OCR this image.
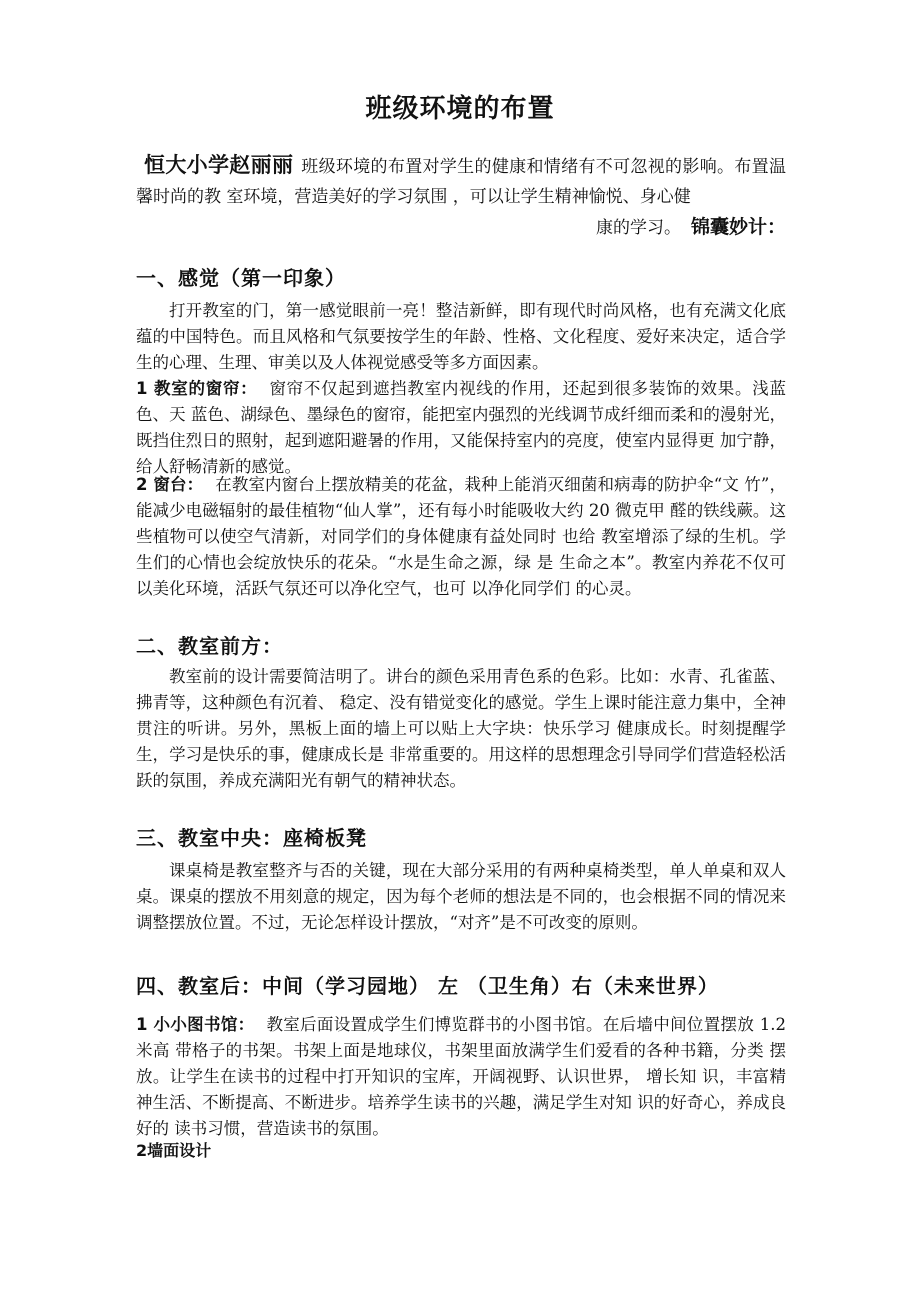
班级环境的布置
恒大小学赵丽丽 班级环境的布置对学生的健康和情绪有不可忽视的影响。布置温馨时尚的教 室环境，营造美好的学习氛围 ，可以让学生精神愉悦、身心健
康的学习。 锦囊妙计：
一、感觉（第一印象）
打开教室的门，第一感觉眼前一亮！整洁新鲜，即有现代时尚风格，也有充满文化底蕴的中国特色。而且风格和气氛要按学生的年龄、性格、文化程度、爱好来决定，适合学生的心理、生理、审美以及人体视觉感受等多方面因素。
1 教室的窗帘： 窗帘不仅起到遮挡教室内视线的作用，还起到很多装饰的效果。浅蓝色、天 蓝色、湖绿色、墨绿色的窗帘，能把室内强烈的光线调节成纤细而柔和的漫射光， 既挡住烈日的照射，起到遮阳避暑的作用，又能保持室内的亮度，使室内显得更 加宁静，给人舒畅清新的感觉。
2 窗台： 在教室内窗台上摆放精美的花盆，栽种上能消灭细菌和病毒的防护伞“文 竹”，能减少电磁辐射的最佳植物“仙人掌”，还有每小时能吸收大约 20 微克甲 醛的铁线蕨。这些植物可以使空气清新，对同学们的身体健康有益处同时 也给 教室增添了绿的生机。学生们的心情也会绽放快乐的花朵。“水是生命之源，绿 是 生命之本”。教室内养花不仅可以美化环境，活跃气氛还可以净化空气，也可 以净化同学们 的心灵。
二、教室前方：
教室前的设计需要简洁明了。讲台的颜色采用青色系的色彩。比如：水青、孔雀蓝、拂青等，这种颜色有沉着、 稳定、没有错觉变化的感觉。学生上课时能注意力集中，全神贯注的听讲。另外，黑板上面的墙上可以贴上大字块：快乐学习 健康成长。时刻提醒学生，学习是快乐的事，健康成长是 非常重要的。用这样的思想理念引导同学们营造轻松活跃的氛围，养成充满阳光有朝气的精神状态。
三、教室中央：座椅板凳
课桌椅是教室整齐与否的关键，现在大部分采用的有两种桌椅类型，单人单桌和双人桌。课桌的摆放不用刻意的规定，因为每个老师的想法是不同的，也会根据不同的情况来调整摆放位置。不过，无论怎样设计摆放，“对齐”是不可改变的原则。
四、教室后：中间（学习园地） 左 （卫生角）右（未来世界）
1 小小图书馆： 教室后面设置成学生们博览群书的小图书馆。在后墙中间位置摆放 1.2 米高 带格子的书架。书架上面是地球仪，书架里面放满学生们爱看的各种书籍，分类 摆放。让学生在读书的过程中打开知识的宝库，开阔视野、认识世界， 增长知 识，丰富精神生活、不断提高、不断进步。培养学生读书的兴趣，满足学生对知 识的好奇心，养成良好的 读书习惯，营造读书的氛围。
2墙面设计
